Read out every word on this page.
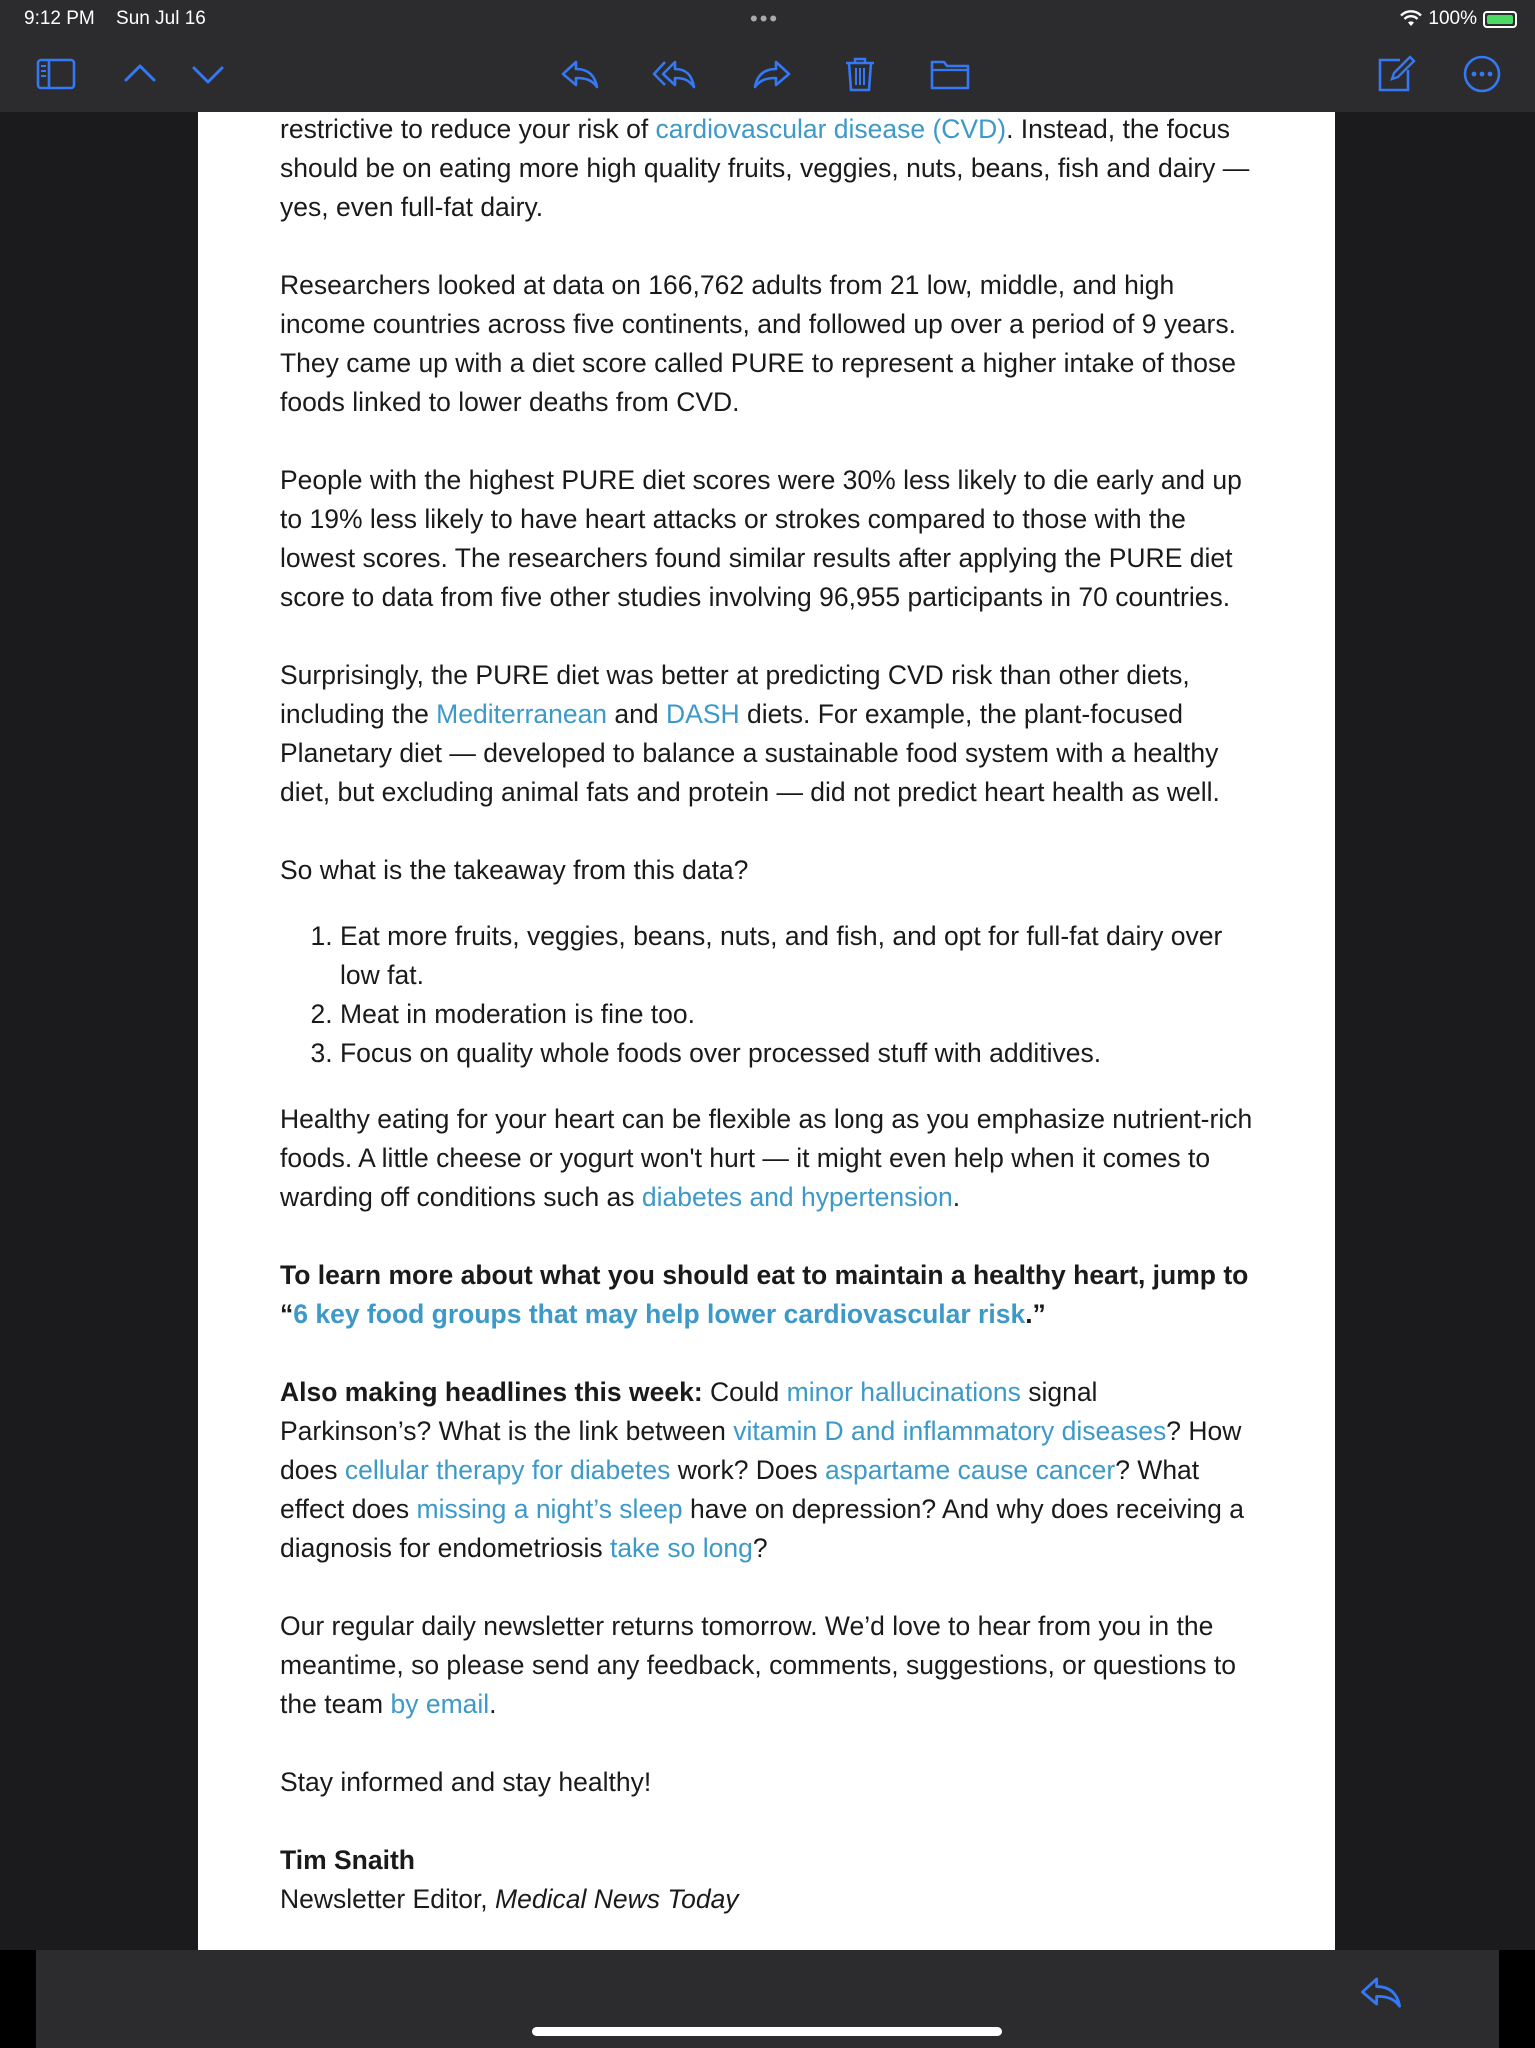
9:12 PM Sun Jul 16	•••	100%

restrictive to reduce your risk of cardiovascular disease (CVD). Instead, the focus should be on eating more high quality fruits, veggies, nuts, beans, fish and dairy — yes, even full-fat dairy.

Researchers looked at data on 166,762 adults from 21 low, middle, and high income countries across five continents, and followed up over a period of 9 years. They came up with a diet score called PURE to represent a higher intake of those foods linked to lower deaths from CVD.

People with the highest PURE diet scores were 30% less likely to die early and up to 19% less likely to have heart attacks or strokes compared to those with the lowest scores. The researchers found similar results after applying the PURE diet score to data from five other studies involving 96,955 participants in 70 countries.

Surprisingly, the PURE diet was better at predicting CVD risk than other diets, including the Mediterranean and DASH diets. For example, the plant-focused Planetary diet — developed to balance a sustainable food system with a healthy diet, but excluding animal fats and protein — did not predict heart health as well.

So what is the takeaway from this data?

1. Eat more fruits, veggies, beans, nuts, and fish, and opt for full-fat dairy over low fat.
2. Meat in moderation is fine too.
3. Focus on quality whole foods over processed stuff with additives.

Healthy eating for your heart can be flexible as long as you emphasize nutrient-rich foods. A little cheese or yogurt won't hurt — it might even help when it comes to warding off conditions such as diabetes and hypertension.

To learn more about what you should eat to maintain a healthy heart, jump to “6 key food groups that may help lower cardiovascular risk.”

Also making headlines this week: Could minor hallucinations signal Parkinson’s? What is the link between vitamin D and inflammatory diseases? How does cellular therapy for diabetes work? Does aspartame cause cancer? What effect does missing a night’s sleep have on depression? And why does receiving a diagnosis for endometriosis take so long?

Our regular daily newsletter returns tomorrow. We’d love to hear from you in the meantime, so please send any feedback, comments, suggestions, or questions to the team by email.

Stay informed and stay healthy!

Tim Snaith
Newsletter Editor, Medical News Today
